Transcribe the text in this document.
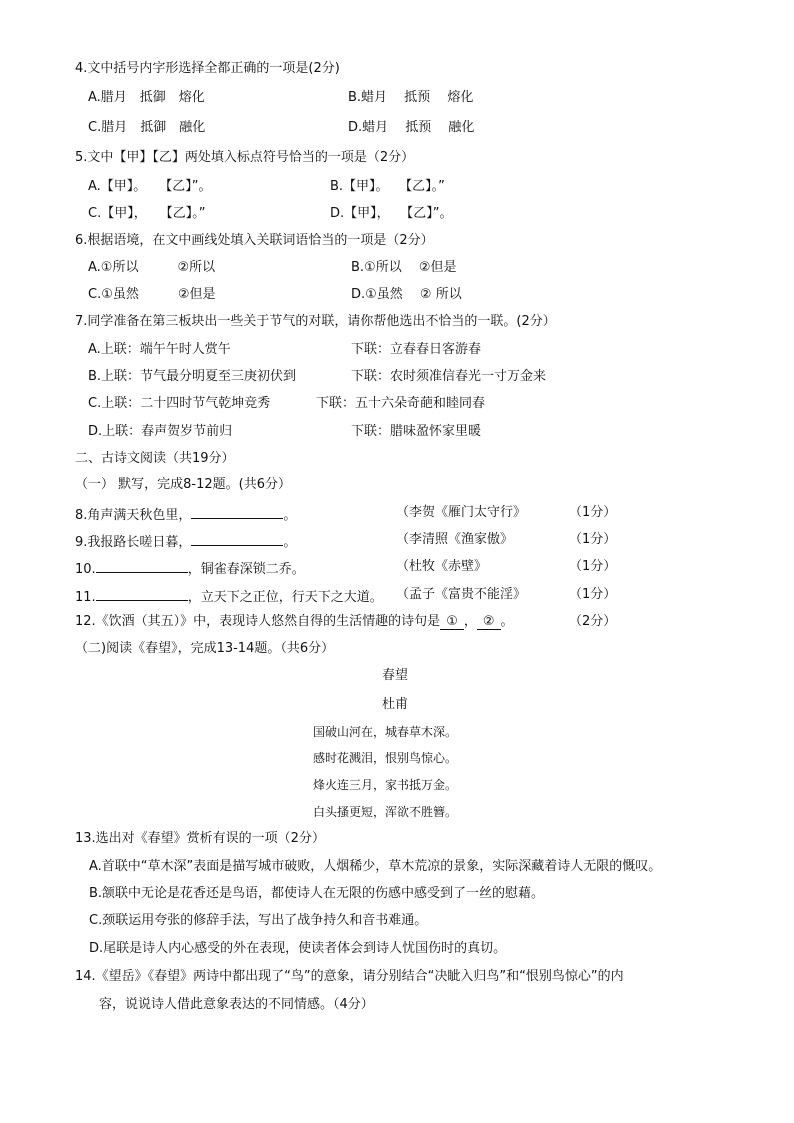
4.文中括号内字形选择全都正确的一项是(2分)
A.腊月　抵御　熔化	B.蜡月　 抵预　 熔化
C.腊月　抵御　融化	D.蜡月　 抵预　 融化
5.文中【甲】【乙】两处填入标点符号恰当的一项是（2分）
A.【甲】。　　【乙】”。	B.【甲】。　 【乙】。”
C.【甲】，　　【乙】。”	D.【甲】，　 【乙】”。
6.根据语境，在文中画线处填入关联词语恰当的一项是（2分）
A.①所以　　　②所以	B.①所以　 ②但是
C.①虽然　　　②但是	D.①虽然　 ② 所以
7.同学准备在第三板块出一些关于节气的对联，请你帮他选出不恰当的一联。(2分）
A.上联：端午午时人赏午	下联：立春春日客游春
B.上联：节气最分明夏至三庚初伏到	下联：农时须准信春光一寸万金来
C.上联：二十四时节气乾坤竞秀	下联：五十六朵奇葩和睦同春
D.上联：春声贺岁节前归	下联：腊味盈怀家里暖
二、古诗文阅读（共19分）
（一） 默写，完成8-12题。(共6分）
8.角声满天秋色里，	。	（李贺《雁门太守行》	（1分）
9.我报路长嗟日暮，	。	（李清照《渔家傲》	（1分）
10.	，铜雀春深锁二乔。	（杜牧《赤壁》	（1分）
11.	，立天下之正位，行天下之大道。 （孟子《富贵不能淫》	（1分）
12.《饮酒（其五）》中，表现诗人悠然自得的生活情趣的诗句是 ① ， ② 。	（2分）
（二)阅读《春望》，完成13-14题。（共6分）
春望
杜甫
国破山河在，城春草木深。
感时花溅泪，恨别鸟惊心。
烽火连三月，家书抵万金。
白头搔更短，浑欲不胜簪。
13.选出对《春望》赏析有误的一项（2分）
A.首联中“草木深”表面是描写城市破败，人烟稀少，草木荒凉的景象，实际深藏着诗人无限的慨叹。
B.颔联中无论是花香还是鸟语，都使诗人在无限的伤感中感受到了一丝的慰藉。
C.颈联运用夸张的修辞手法，写出了战争持久和音书难通。
D.尾联是诗人内心感受的外在表现，使读者体会到诗人忧国伤时的真切。
14.《望岳》《春望》两诗中都出现了“鸟”的意象，请分别结合“决眦入归鸟”和“恨别鸟惊心”的内
容，说说诗人借此意象表达的不同情感。（4分）
